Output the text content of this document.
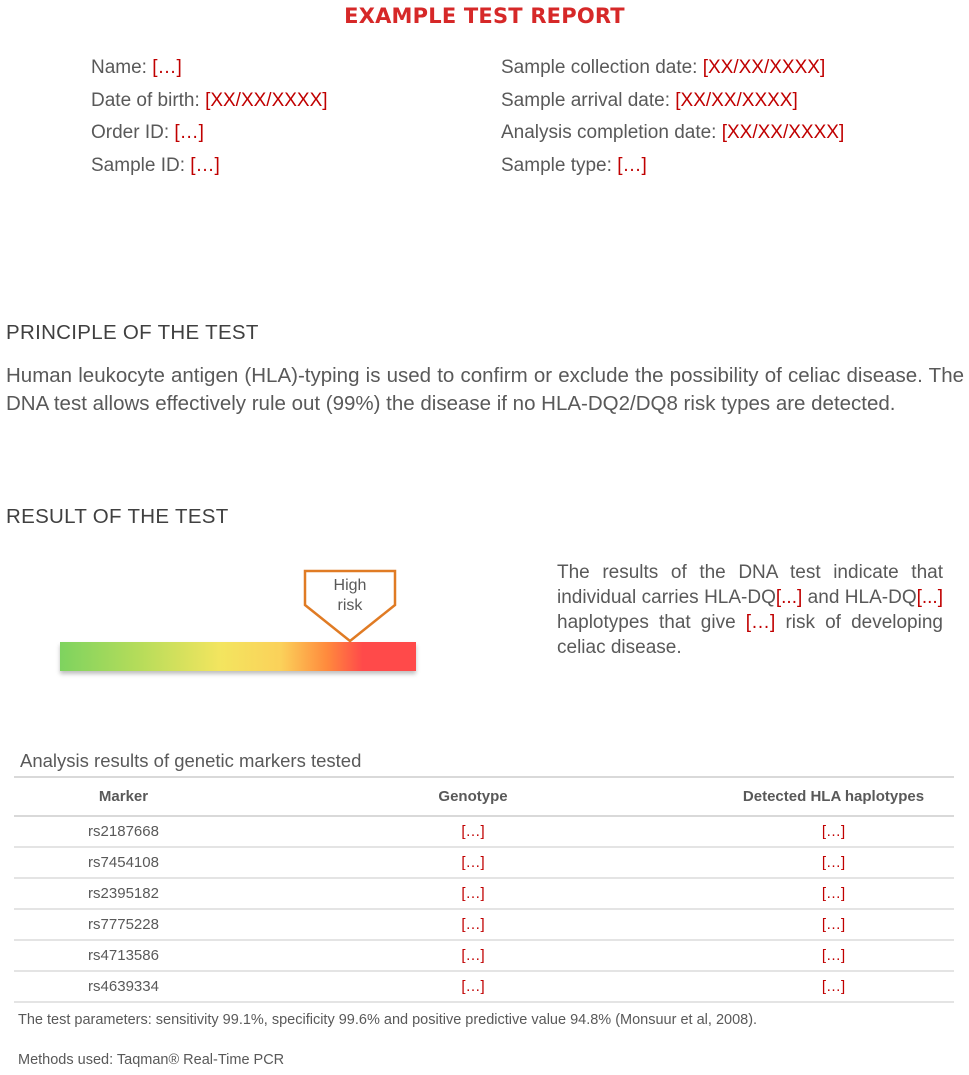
EXAMPLE TEST REPORT
Name: […]
Date of birth: [XX/XX/XXXX]
Order ID: […]
Sample ID: […]
Sample collection date: [XX/XX/XXXX]
Sample arrival date: [XX/XX/XXXX]
Analysis completion date: [XX/XX/XXXX]
Sample type: […]
PRINCIPLE OF THE TEST
Human leukocyte antigen (HLA)-typing is used to confirm or exclude the possibility of celiac disease. The DNA test allows effectively rule out (99%) the disease if no HLA-DQ2/DQ8 risk types are detected.
RESULT OF THE TEST
High
risk
The results of the DNA test indicate that individual carries HLA-DQ[...] and HLA-DQ[...] haplotypes that give […] risk of developing celiac disease.
Analysis results of genetic markers tested
Marker	Genotype	Detected HLA haplotypes
rs2187668	[…]	[…]
rs7454108	[…]	[…]
rs2395182	[…]	[…]
rs7775228	[…]	[…]
rs4713586	[…]	[…]
rs4639334	[…]	[…]
The test parameters: sensitivity 99.1%, specificity 99.6% and positive predictive value 94.8% (Monsuur et al, 2008).
Methods used: Taqman® Real-Time PCR
